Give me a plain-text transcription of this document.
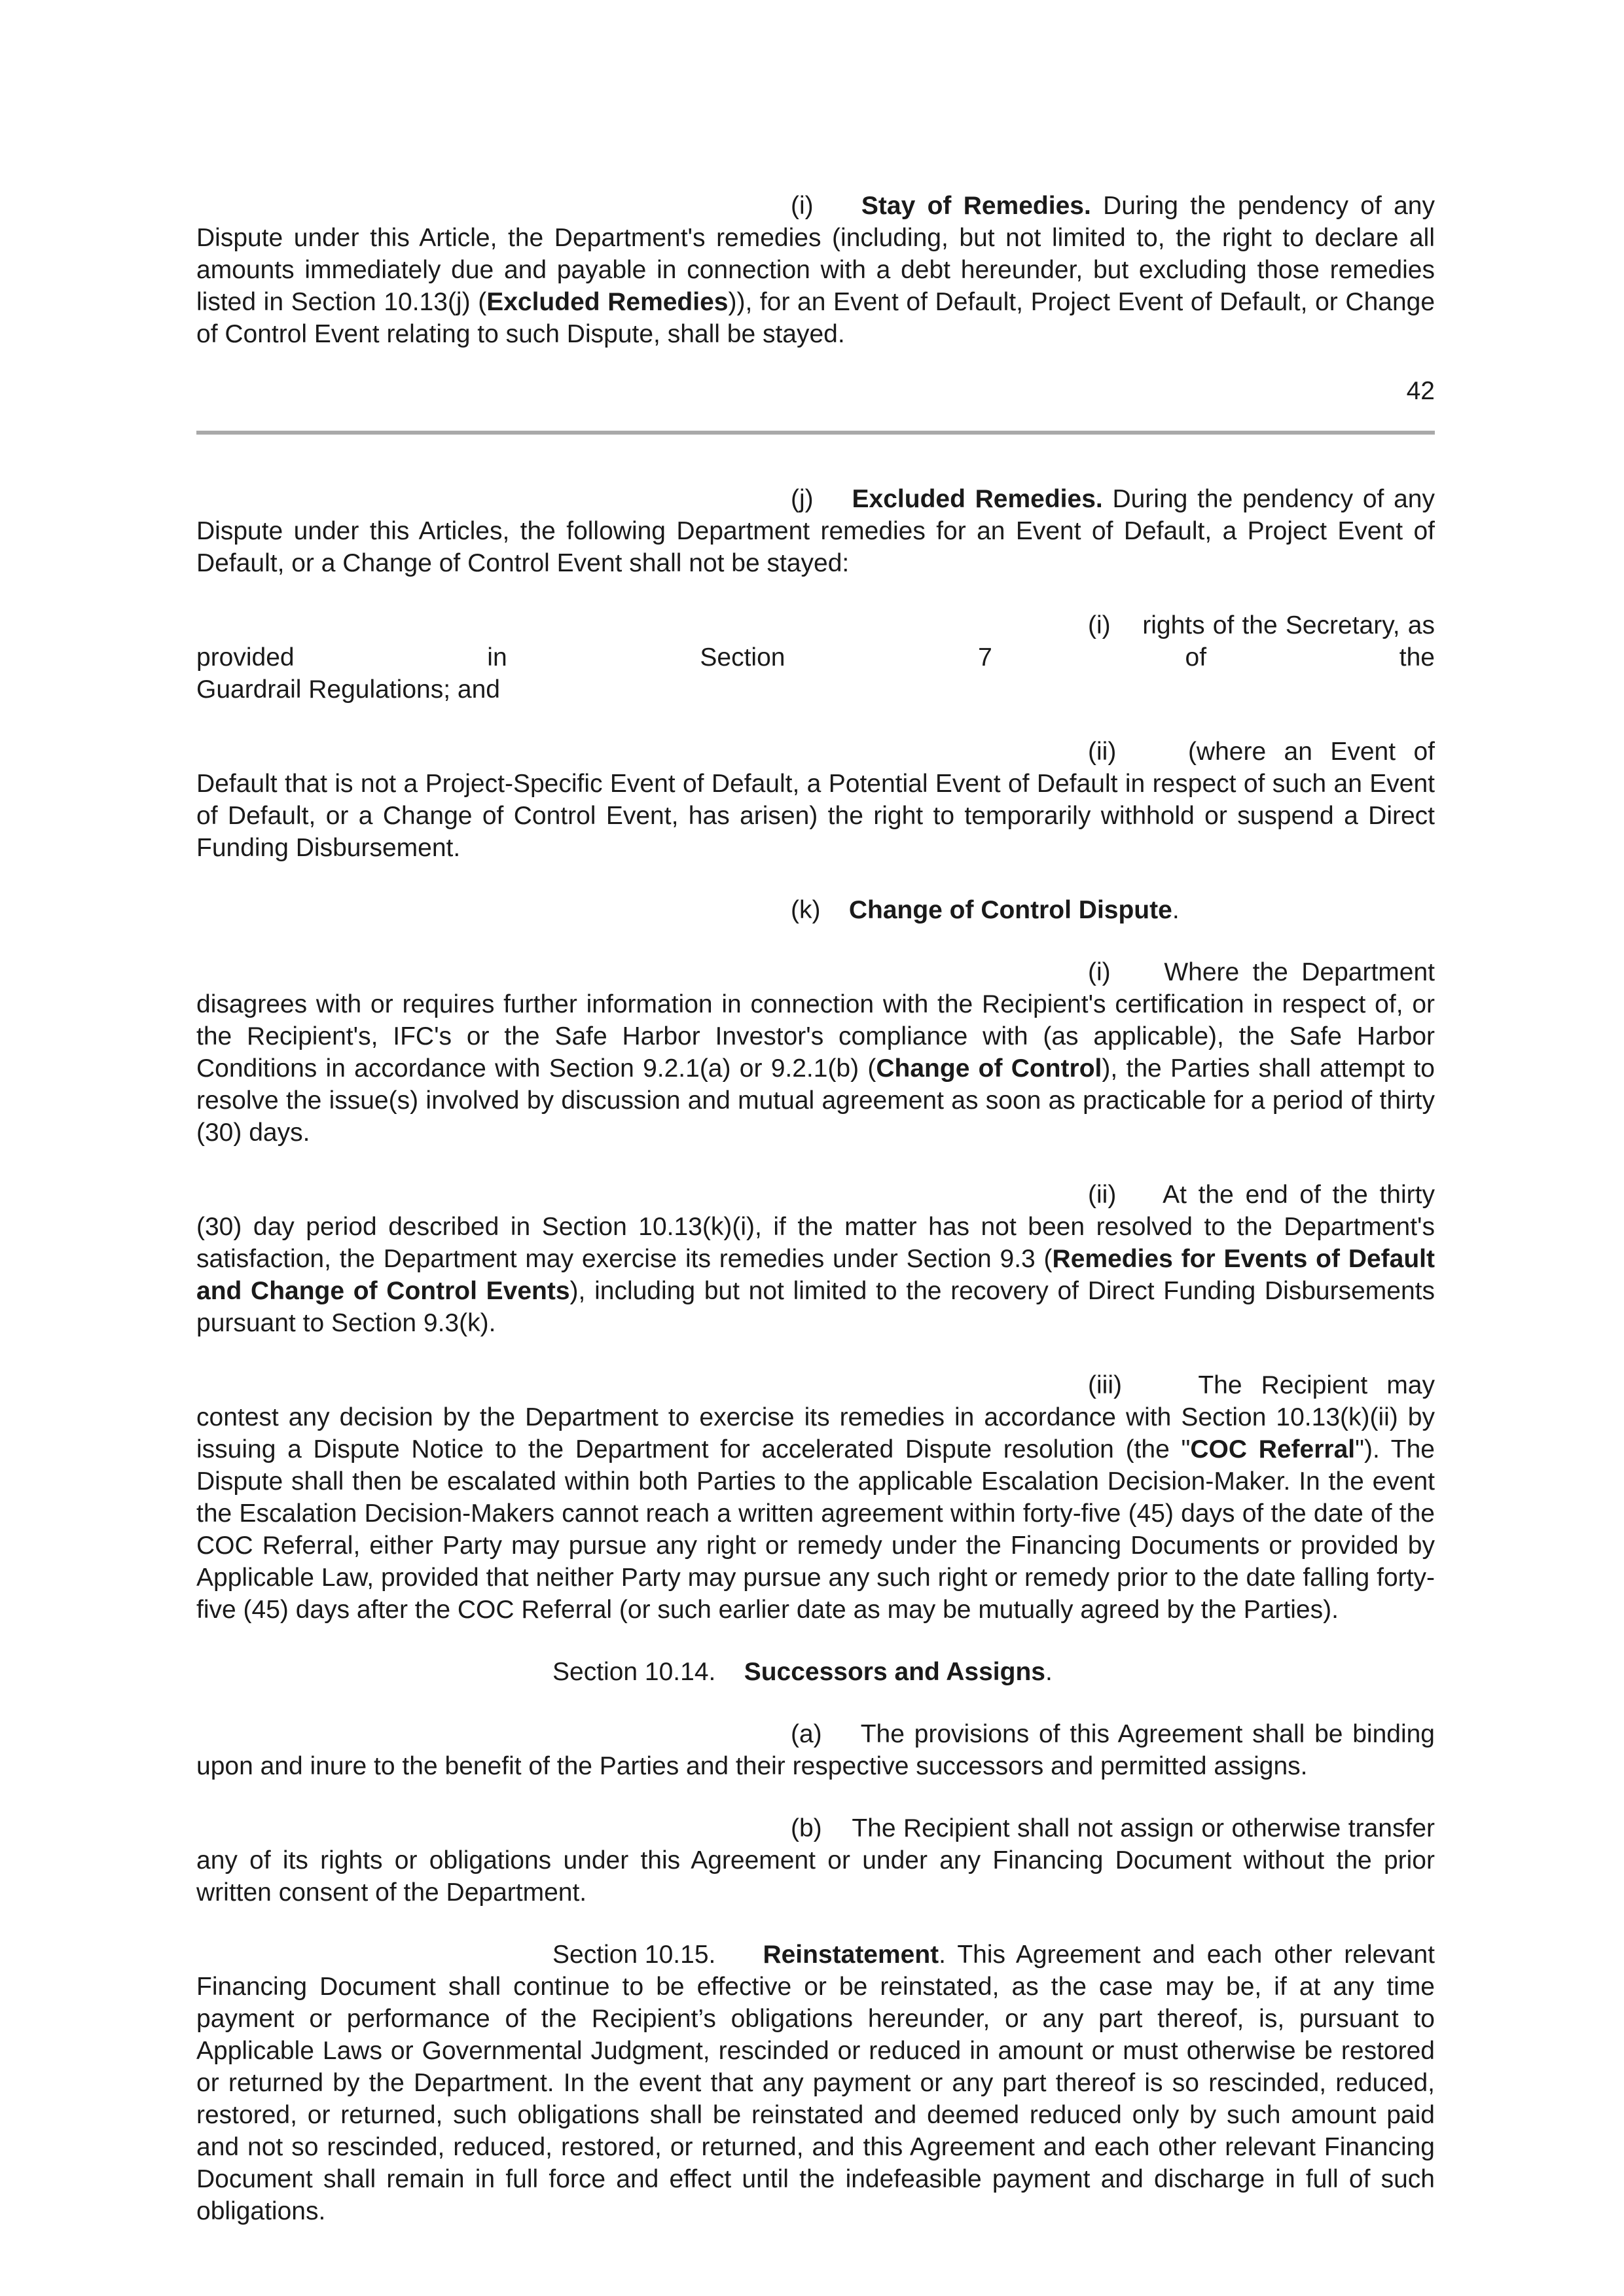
(i) Stay of Remedies. During the pendency of any Dispute under this Article, the Department's remedies (including, but not limited to, the right to declare all amounts immediately due and payable in connection with a debt hereunder, but excluding those remedies listed in Section 10.13(j) (Excluded Remedies)), for an Event of Default, Project Event of Default, or Change of Control Event relating to such Dispute, shall be stayed.

42

(j) Excluded Remedies. During the pendency of any Dispute under this Articles, the following Department remedies for an Event of Default, a Project Event of Default, or a Change of Control Event shall not be stayed:

(i) rights of the Secretary, as provided in Section 7 of the

Guardrail Regulations; and

(ii)	(where an Event of Default that is not a Project-Specific Event of Default, a Potential Event of Default in respect of such an Event of Default, or a Change of Control Event, has arisen) the right to temporarily withhold or suspend a Direct Funding Disbursement.

(k) Change of Control Dispute.

(i) Where the Department disagrees with or requires further information in connection with the Recipient's certification in respect of, or the Recipient's, IFC's or the Safe Harbor Investor's compliance with (as applicable), the Safe Harbor Conditions in accordance with Section 9.2.1(a) or 9.2.1(b) (Change of Control), the Parties shall attempt to resolve the issue(s) involved by discussion and mutual agreement as soon as practicable for a period of thirty (30) days.

(ii) At the end of the thirty (30) day period described in Section 10.13(k)(i), if the matter has not been resolved to the Department's satisfaction, the Department may exercise its remedies under Section 9.3 (Remedies for Events of Default and Change of Control Events), including but not limited to the recovery of Direct Funding Disbursements pursuant to Section 9.3(k).

(iii)	The Recipient may contest any decision by the Department to exercise its remedies in accordance with Section 10.13(k)(ii) by issuing a Dispute Notice to the Department for accelerated Dispute resolution (the "COC Referral"). The Dispute shall then be escalated within both Parties to the applicable Escalation Decision-Maker. In the event the Escalation Decision-Makers cannot reach a written agreement within forty-five (45) days of the date of the COC Referral, either Party may pursue any right or remedy under the Financing Documents or provided by Applicable Law, provided that neither Party may pursue any such right or remedy prior to the date falling forty-five (45) days after the COC Referral (or such earlier date as may be mutually agreed by the Parties).

Section 10.14. Successors and Assigns.

(a) The provisions of this Agreement shall be binding upon and inure to the benefit of the Parties and their respective successors and permitted assigns.

(b) The Recipient shall not assign or otherwise transfer any of its rights or obligations under this Agreement or under any Financing Document without the prior written consent of the Department.

Section 10.15. Reinstatement. This Agreement and each other relevant Financing Document shall continue to be effective or be reinstated, as the case may be, if at any time payment or performance of the Recipient’s obligations hereunder, or any part thereof, is, pursuant to Applicable Laws or Governmental Judgment, rescinded or reduced in amount or must otherwise be restored or returned by the Department. In the event that any payment or any part thereof is so rescinded, reduced, restored, or returned, such obligations shall be reinstated and deemed reduced only by such amount paid and not so rescinded, reduced, restored, or returned, and this Agreement and each other relevant Financing Document shall remain in full force and effect until the indefeasible payment and discharge in full of such obligations.
